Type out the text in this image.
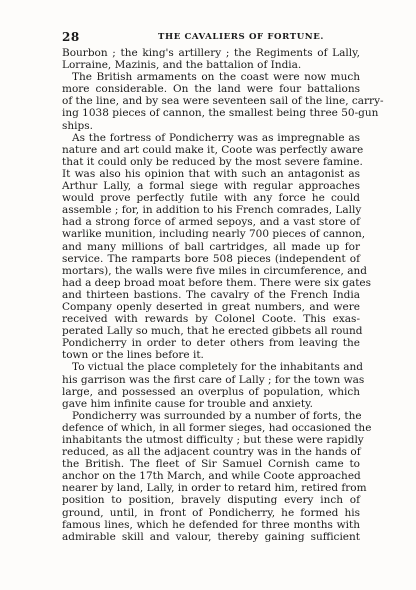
28	THE CAVALIERS OF FORTUNE.
Bourbon ; the king's artillery ; the Regiments of Lally,
Lorraine, Mazinis, and the battalion of India.
The British armaments on the coast were now much
more considerable. On the land were four battalions
of the line, and by sea were seventeen sail of the line, carry-
ing 1038 pieces of cannon, the smallest being three 50-gun
ships.
As the fortress of Pondicherry was as impregnable as
nature and art could make it, Coote was perfectly aware
that it could only be reduced by the most severe famine.
It was also his opinion that with such an antagonist as
Arthur Lally, a formal siege with regular approaches
would prove perfectly futile with any force he could
assemble ; for, in addition to his French comrades, Lally
had a strong force of armed sepoys, and a vast store of
warlike munition, including nearly 700 pieces of cannon,
and many millions of ball cartridges, all made up for
service. The ramparts bore 508 pieces (independent of
mortars), the walls were five miles in circumference, and
had a deep broad moat before them. There were six gates
and thirteen bastions. The cavalry of the French India
Company openly deserted in great numbers, and were
received with rewards by Colonel Coote. This exas-
perated Lally so much, that he erected gibbets all round
Pondicherry in order to deter others from leaving the
town or the lines before it.
To victual the place completely for the inhabitants and
his garrison was the first care of Lally ; for the town was
large, and possessed an overplus of population, which
gave him infinite cause for trouble and anxiety.
Pondicherry was surrounded by a number of forts, the
defence of which, in all former sieges, had occasioned the
inhabitants the utmost difficulty ; but these were rapidly
reduced, as all the adjacent country was in the hands of
the British. The fleet of Sir Samuel Cornish came to
anchor on the 17th March, and while Coote approached
nearer by land, Lally, in order to retard him, retired from
position to position, bravely disputing every inch of
ground, until, in front of Pondicherry, he formed his
famous lines, which he defended for three months with
admirable skill and valour, thereby gaining sufficient
